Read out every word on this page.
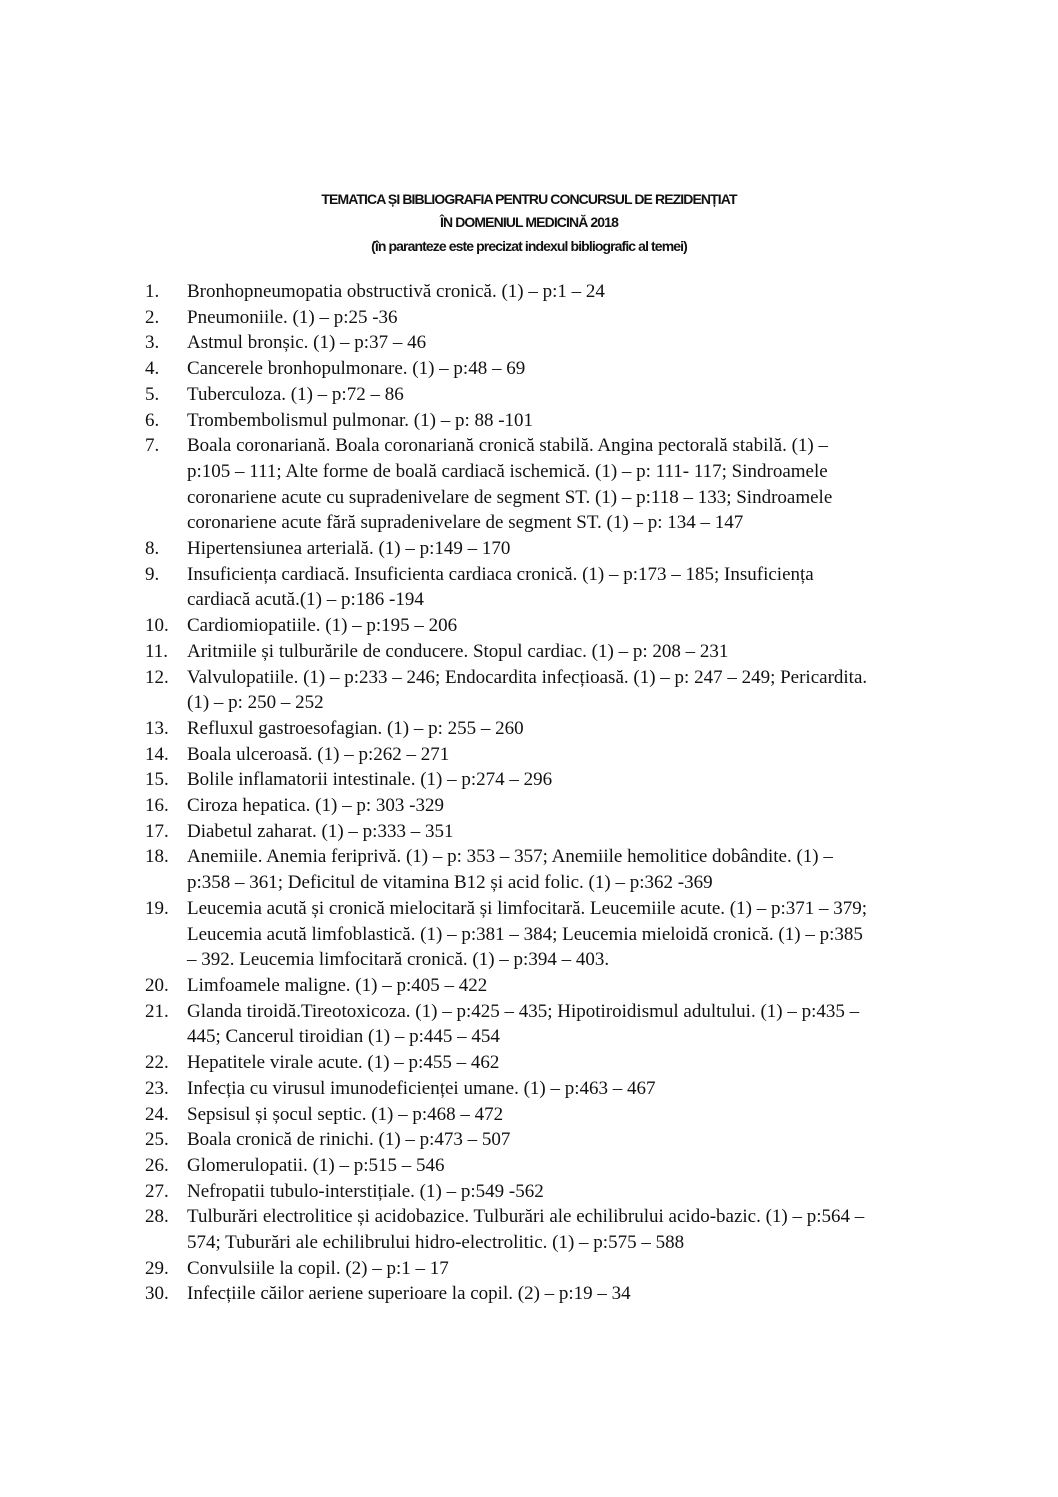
TEMATICA ȘI BIBLIOGRAFIA PENTRU CONCURSUL DE REZIDENȚIAT
ÎN DOMENIUL MEDICINĂ 2018
(în paranteze este precizat indexul bibliografic al temei)
1. Bronhopneumopatia obstructivă cronică. (1) – p:1 – 24
2. Pneumoniile. (1) – p:25 -36
3. Astmul bronșic. (1) – p:37 – 46
4. Cancerele bronhopulmonare. (1) – p:48 – 69
5. Tuberculoza. (1) – p:72 – 86
6. Trombembolismul pulmonar. (1) – p: 88 -101
7. Boala coronariană. Boala coronariană cronică stabilă. Angina pectorală stabilă. (1) –
p:105 – 111; Alte forme de boală cardiacă ischemică. (1) – p: 111- 117; Sindroamele
coronariene acute cu supradenivelare de segment ST. (1) – p:118 – 133; Sindroamele
coronariene acute fără supradenivelare de segment ST. (1) – p: 134 – 147
8. Hipertensiunea arterială. (1) – p:149 – 170
9. Insuficiența cardiacă. Insuficienta cardiaca cronică. (1) – p:173 – 185; Insuficiența
cardiacă acută.(1) – p:186 -194
10. Cardiomiopatiile. (1) – p:195 – 206
11. Aritmiile și tulburările de conducere. Stopul cardiac. (1) – p: 208 – 231
12. Valvulopatiile. (1) – p:233 – 246; Endocardita infecțioasă. (1) – p: 247 – 249; Pericardita.
(1) – p: 250 – 252
13. Refluxul gastroesofagian. (1) – p: 255 – 260
14. Boala ulceroasă. (1) – p:262 – 271
15. Bolile inflamatorii intestinale. (1) – p:274 – 296
16. Ciroza hepatica. (1) – p: 303 -329
17. Diabetul zaharat. (1) – p:333 – 351
18. Anemiile. Anemia feriprivă. (1) – p: 353 – 357; Anemiile hemolitice dobândite. (1) –
p:358 – 361; Deficitul de vitamina B12 și acid folic. (1) – p:362 -369
19. Leucemia acută și cronică mielocitară și limfocitară. Leucemiile acute. (1) – p:371 – 379;
Leucemia acută limfoblastică. (1) – p:381 – 384; Leucemia mieloidă cronică. (1) – p:385
– 392. Leucemia limfocitară cronică. (1) – p:394 – 403.
20. Limfoamele maligne. (1) – p:405 – 422
21. Glanda tiroidă.Tireotoxicoza. (1) – p:425 – 435; Hipotiroidismul adultului. (1) – p:435 –
445; Cancerul tiroidian (1) – p:445 – 454
22. Hepatitele virale acute. (1) – p:455 – 462
23. Infecția cu virusul imunodeficienței umane. (1) – p:463 – 467
24. Sepsisul și șocul septic. (1) – p:468 – 472
25. Boala cronică de rinichi. (1) – p:473 – 507
26. Glomerulopatii. (1) – p:515 – 546
27. Nefropatii tubulo-interstițiale. (1) – p:549 -562
28. Tulburări electrolitice și acidobazice. Tulburări ale echilibrului acido-bazic. (1) – p:564 –
574; Tuburări ale echilibrului hidro-electrolitic. (1) – p:575 – 588
29. Convulsiile la copil. (2) – p:1 – 17
30. Infecțiile căilor aeriene superioare la copil. (2) – p:19 – 34
